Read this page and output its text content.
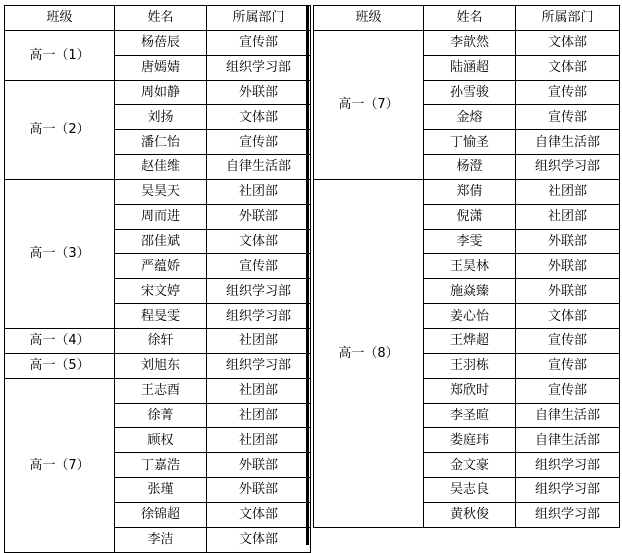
班级	姓名	所属部门
高一（1）	杨蓓辰	宣传部
	唐嫣婧	组织学习部
高一（2）	周如静	外联部
	刘扬	文体部
	潘仁怡	宣传部
	赵佳维	自律生活部
高一（3）	吴昊天	社团部
	周而进	外联部
	邵佳斌	文体部
	严蕴娇	宣传部
	宋文婷	组织学习部
	程旻雯	组织学习部
高一（4）	徐轩	社团部
高一（5）	刘旭东	组织学习部
高一（7）	王志酉	社团部
	徐菁	社团部
	顾权	社团部
	丁嘉浩	外联部
	张瑾	外联部
	徐锦超	文体部
	李洁	文体部
班级	姓名	所属部门
高一（7）	李歆然	文体部
	陆涵超	文体部
	孙雪骏	宣传部
	金熔	宣传部
	丁愉圣	自律生活部
	杨澄	组织学习部
高一（8）	郑倩	社团部
	倪潇	社团部
	李雯	外联部
	王昊林	外联部
	施焱臻	外联部
	姜心怡	文体部
	王烨超	宣传部
	王羽栋	宣传部
	郑欣时	宣传部
	李圣暄	自律生活部
	娄庭玮	自律生活部
	金文豪	组织学习部
	吴志良	组织学习部
	黄秋俊	组织学习部
